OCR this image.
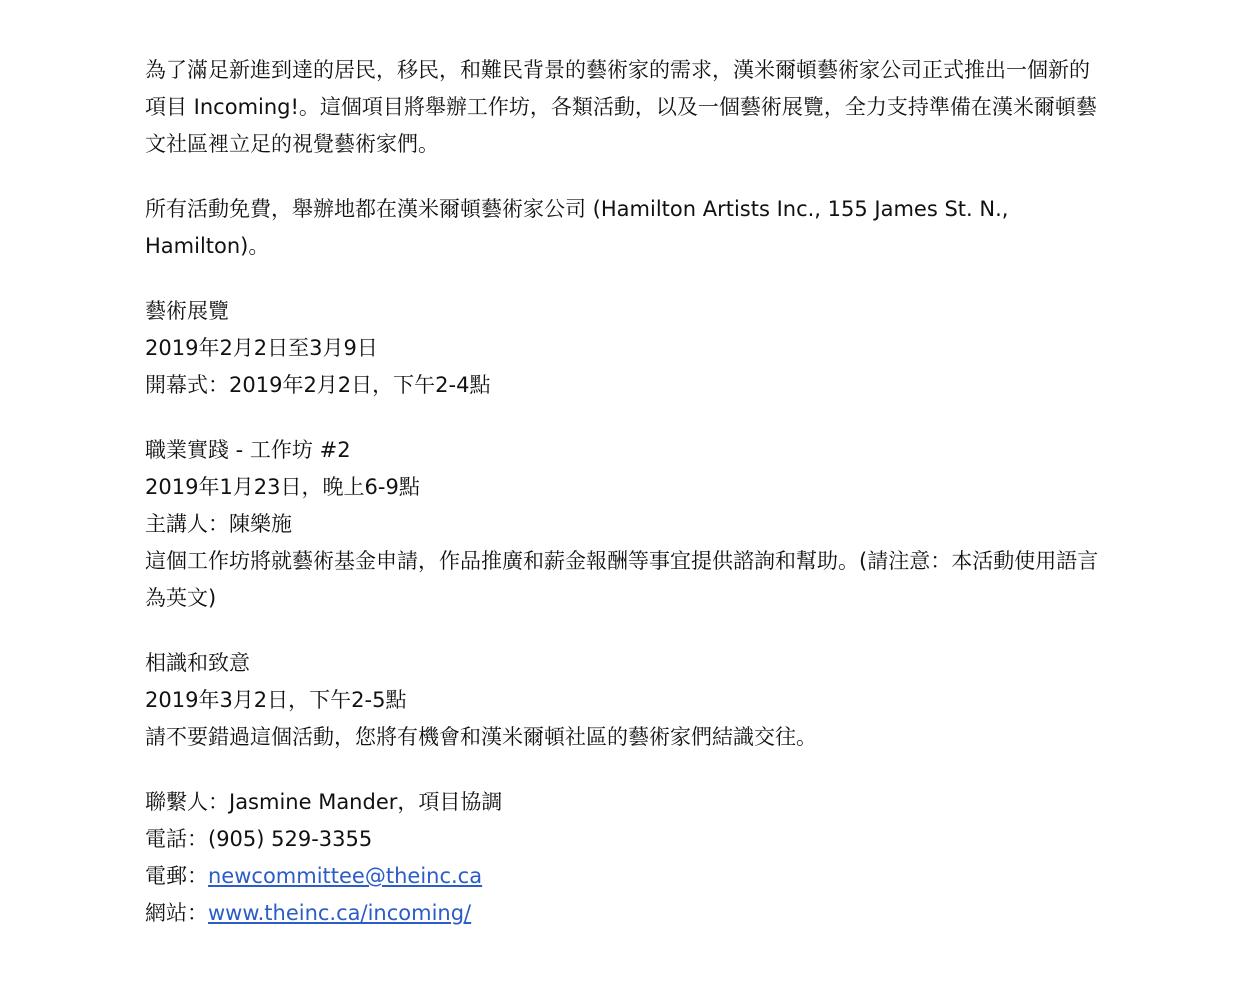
為了滿足新進到達的居民，移民，和難民背景的藝術家的需求，漢米爾頓藝術家公司正式推出一個新的項目 Incoming!。這個項目將舉辦工作坊，各類活動，以及一個藝術展覽，全力支持準備在漢米爾頓藝文社區裡立足的視覺藝術家們。

所有活動免費，舉辦地都在漢米爾頓藝術家公司 (Hamilton Artists Inc., 155 James St. N., Hamilton)。

藝術展覽
2019年2月2日至3月9日
開幕式：2019年2月2日，下午2-4點
職業實踐 - 工作坊 #2
2019年1月23日，晚上6-9點
主講人：陳樂施
這個工作坊將就藝術基金申請，作品推廣和薪金報酬等事宜提供諮詢和幫助。(請注意：本活動使用語言為英文)
相識和致意
2019年3月2日，下午2-5點
請不要錯過這個活動，您將有機會和漢米爾頓社區的藝術家們結識交往。
聯繫人：Jasmine Mander，項目協調
電話：(905) 529-3355
電郵：newcommittee@theinc.ca
網站：www.theinc.ca/incoming/
